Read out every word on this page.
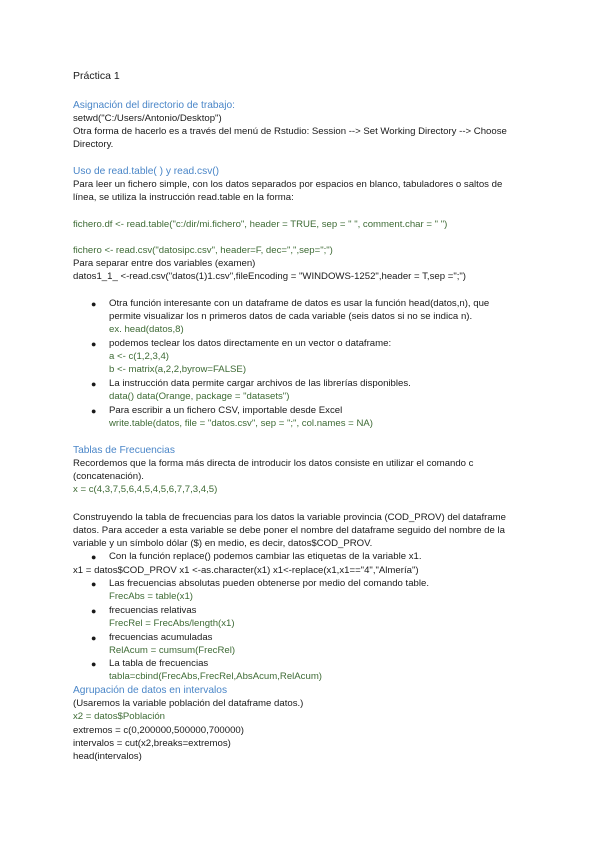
Práctica 1
Asignación del directorio de trabajo:
setwd("C:/Users/Antonio/Desktop")
Otra forma de hacerlo es a través del menú de Rstudio: Session --> Set Working Directory --> Choose
Directory.
Uso de read.table( ) y read.csv()
Para leer un fichero simple, con los datos separados por espacios en blanco, tabuladores o saltos de
línea, se utiliza la instrucción read.table en la forma:
fichero.df <- read.table("c:/dir/mi.fichero", header = TRUE, sep = " ", comment.char = " ")
fichero <- read.csv("datosipc.csv", header=F, dec=",",sep=";")
Para separar entre dos variables (examen)
datos1_1_ <-read.csv("datos(1)1.csv",fileEncoding = "WINDOWS-1252",header = T,sep =";")
● Otra función interesante con un dataframe de datos es usar la función head(datos,n), que
permite visualizar los n primeros datos de cada variable (seis datos si no se indica n).
ex. head(datos,8)
● podemos teclear los datos directamente en un vector o dataframe:
a <- c(1,2,3,4)
b <- matrix(a,2,2,byrow=FALSE)
● La instrucción data permite cargar archivos de las librerías disponibles.
data() data(Orange, package = "datasets")
● Para escribir a un fichero CSV, importable desde Excel
write.table(datos, file = "datos.csv", sep = ";", col.names = NA)
Tablas de Frecuencias
Recordemos que la forma más directa de introducir los datos consiste en utilizar el comando c
(concatenación).
x = c(4,3,7,5,6,4,5,4,5,6,7,7,3,4,5)
Construyendo la tabla de frecuencias para los datos la variable provincia (COD_PROV) del dataframe
datos. Para acceder a esta variable se debe poner el nombre del dataframe seguido del nombre de la
variable y un símbolo dólar ($) en medio, es decir, datos$COD_PROV.
● Con la función replace() podemos cambiar las etiquetas de la variable x1.
x1 = datos$COD_PROV x1 <-as.character(x1) x1<-replace(x1,x1=="4","Almería")
● Las frecuencias absolutas pueden obtenerse por medio del comando table.
FrecAbs = table(x1)
● frecuencias relativas
FrecRel = FrecAbs/length(x1)
● frecuencias acumuladas
RelAcum = cumsum(FrecRel)
● La tabla de frecuencias
tabla=cbind(FrecAbs,FrecRel,AbsAcum,RelAcum)
Agrupación de datos en intervalos
(Usaremos la variable población del dataframe datos.)
x2 = datos$Población
extremos = c(0,200000,500000,700000)
intervalos = cut(x2,breaks=extremos)
head(intervalos)
